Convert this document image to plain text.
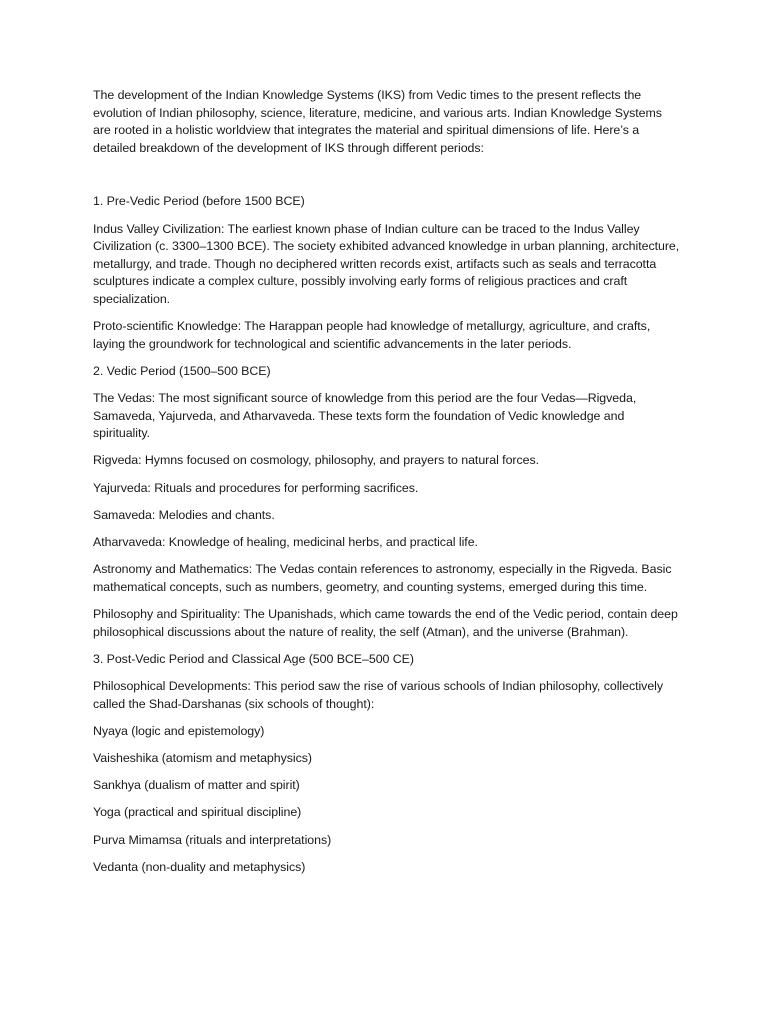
The development of the Indian Knowledge Systems (IKS) from Vedic times to the present reflects the evolution of Indian philosophy, science, literature, medicine, and various arts. Indian Knowledge Systems are rooted in a holistic worldview that integrates the material and spiritual dimensions of life. Here’s a detailed breakdown of the development of IKS through different periods:

1. Pre-Vedic Period (before 1500 BCE)

Indus Valley Civilization: The earliest known phase of Indian culture can be traced to the Indus Valley Civilization (c. 3300–1300 BCE). The society exhibited advanced knowledge in urban planning, architecture, metallurgy, and trade. Though no deciphered written records exist, artifacts such as seals and terracotta sculptures indicate a complex culture, possibly involving early forms of religious practices and craft specialization.

Proto-scientific Knowledge: The Harappan people had knowledge of metallurgy, agriculture, and crafts, laying the groundwork for technological and scientific advancements in the later periods.

2. Vedic Period (1500–500 BCE)

The Vedas: The most significant source of knowledge from this period are the four Vedas—Rigveda, Samaveda, Yajurveda, and Atharvaveda. These texts form the foundation of Vedic knowledge and spirituality.

Rigveda: Hymns focused on cosmology, philosophy, and prayers to natural forces.

Yajurveda: Rituals and procedures for performing sacrifices.

Samaveda: Melodies and chants.

Atharvaveda: Knowledge of healing, medicinal herbs, and practical life.

Astronomy and Mathematics: The Vedas contain references to astronomy, especially in the Rigveda. Basic mathematical concepts, such as numbers, geometry, and counting systems, emerged during this time.

Philosophy and Spirituality: The Upanishads, which came towards the end of the Vedic period, contain deep philosophical discussions about the nature of reality, the self (Atman), and the universe (Brahman).

3. Post-Vedic Period and Classical Age (500 BCE–500 CE)

Philosophical Developments: This period saw the rise of various schools of Indian philosophy, collectively called the Shad-Darshanas (six schools of thought):

Nyaya (logic and epistemology)

Vaisheshika (atomism and metaphysics)

Sankhya (dualism of matter and spirit)

Yoga (practical and spiritual discipline)

Purva Mimamsa (rituals and interpretations)

Vedanta (non-duality and metaphysics)
